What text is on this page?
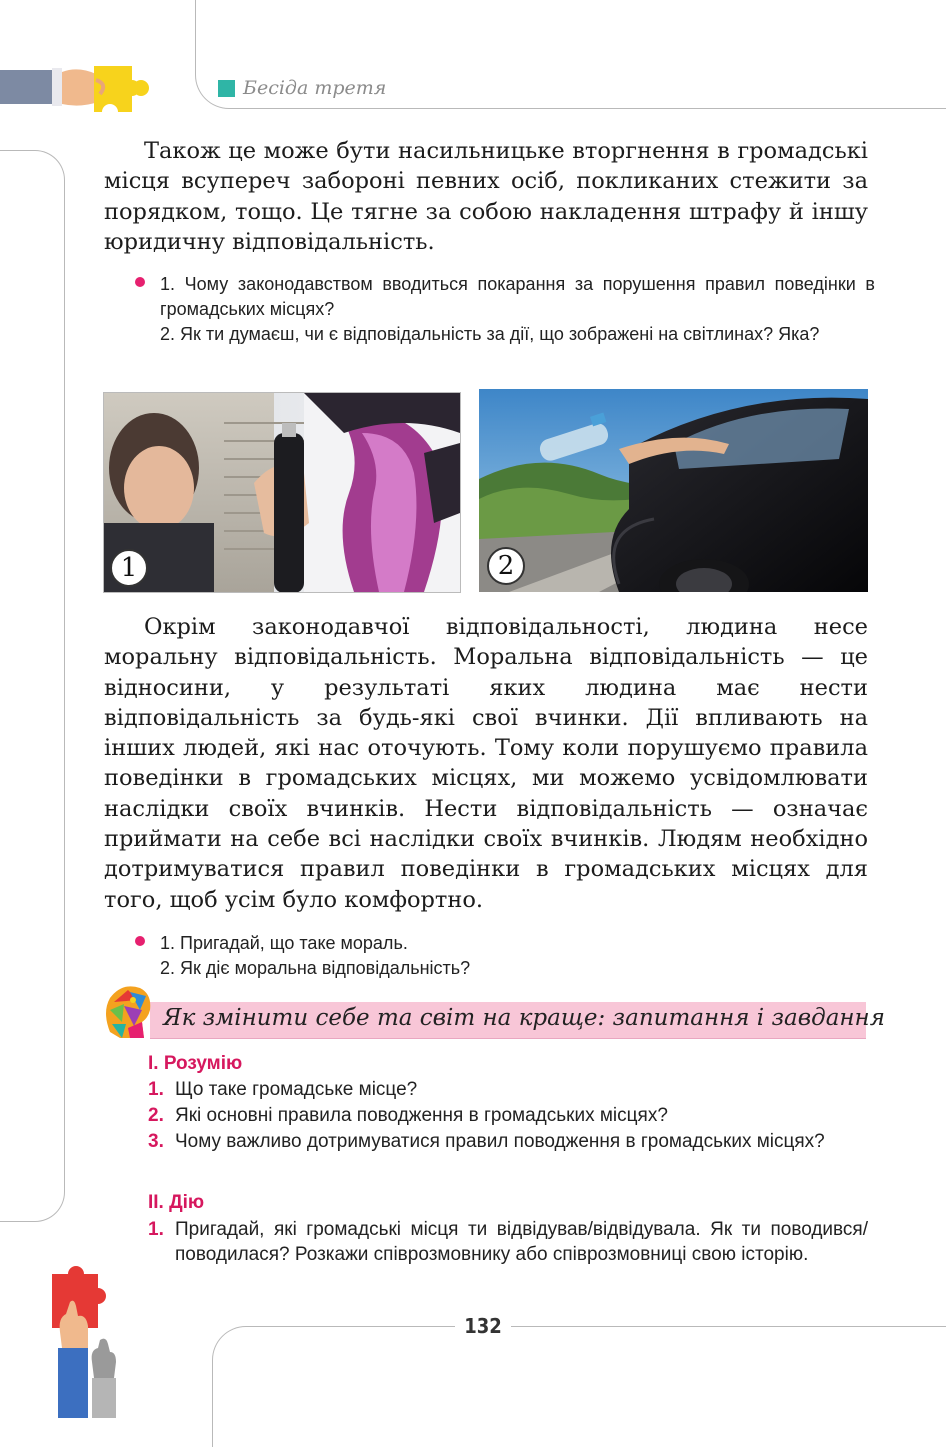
Бесіда третя

Також це може бути насильницьке вторгнення в громадські місця всупереч забороні певних осіб, покликаних стежити за порядком, тощо. Це тягне за собою накладення штрафу й іншу юридичну відповідальність.

1. Чому законодавством вводиться покарання за порушення правил поведінки в громадських місцях?
2. Як ти думаєш, чи є відповідальність за дії, що зображені на світлинах? Яка?
1	2

Окрім законодавчої відповідальності, людина несе моральну відповідальність. Моральна відповідальність — це відносини, у результаті яких людина має нести відповідальність за будь-які свої вчинки. Дії впливають на інших людей, які нас оточують. Тому коли порушуємо правила поведінки в громадських місцях, ми можемо усвідомлювати наслідки своїх вчинків. Нести відповідальність — означає приймати на себе всі наслідки своїх вчинків. Людям необхідно дотримуватися правил поведінки в громадських місцях для того, щоб усім було комфортно.

1. Пригадай, що таке мораль.
2. Як діє моральна відповідальність?
Як змінити себе та світ на краще: запитання і завдання
І. Розумію
1. Що таке громадське місце?
2. Які основні правила поводження в громадських місцях?
3. Чому важливо дотримуватися правил поводження в громадських місцях?
ІІ. Дію
1. Пригадай, які громадські місця ти відвідував/відвідувала. Як ти поводився/поводилася? Розкажи співрозмовнику або співрозмовниці свою історію.
132
